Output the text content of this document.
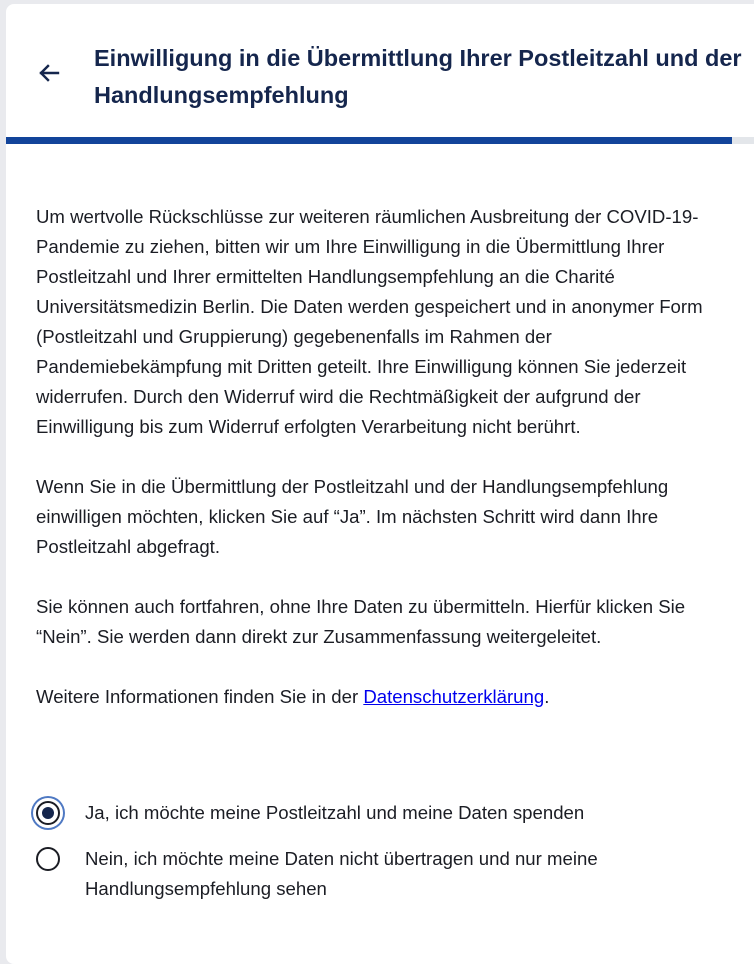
Einwilligung in die Übermittlung Ihrer Postleitzahl und der Handlungsempfehlung

Um wertvolle Rückschlüsse zur weiteren räumlichen Ausbreitung der COVID-19-Pandemie zu ziehen, bitten wir um Ihre Einwilligung in die Übermittlung Ihrer Postleitzahl und Ihrer ermittelten Handlungsempfehlung an die Charité Universitätsmedizin Berlin. Die Daten werden gespeichert und in anonymer Form (Postleitzahl und Gruppierung) gegebenenfalls im Rahmen der Pandemiebekämpfung mit Dritten geteilt. Ihre Einwilligung können Sie jederzeit widerrufen. Durch den Widerruf wird die Rechtmäßigkeit der aufgrund der Einwilligung bis zum Widerruf erfolgten Verarbeitung nicht berührt.

Wenn Sie in die Übermittlung der Postleitzahl und der Handlungsempfehlung einwilligen möchten, klicken Sie auf “Ja”. Im nächsten Schritt wird dann Ihre Postleitzahl abgefragt.

Sie können auch fortfahren, ohne Ihre Daten zu übermitteln. Hierfür klicken Sie “Nein”. Sie werden dann direkt zur Zusammenfassung weitergeleitet.

Weitere Informationen finden Sie in der Datenschutzerklärung.

Ja, ich möchte meine Postleitzahl und meine Daten spenden
Nein, ich möchte meine Daten nicht übertragen und nur meine Handlungsempfehlung sehen
